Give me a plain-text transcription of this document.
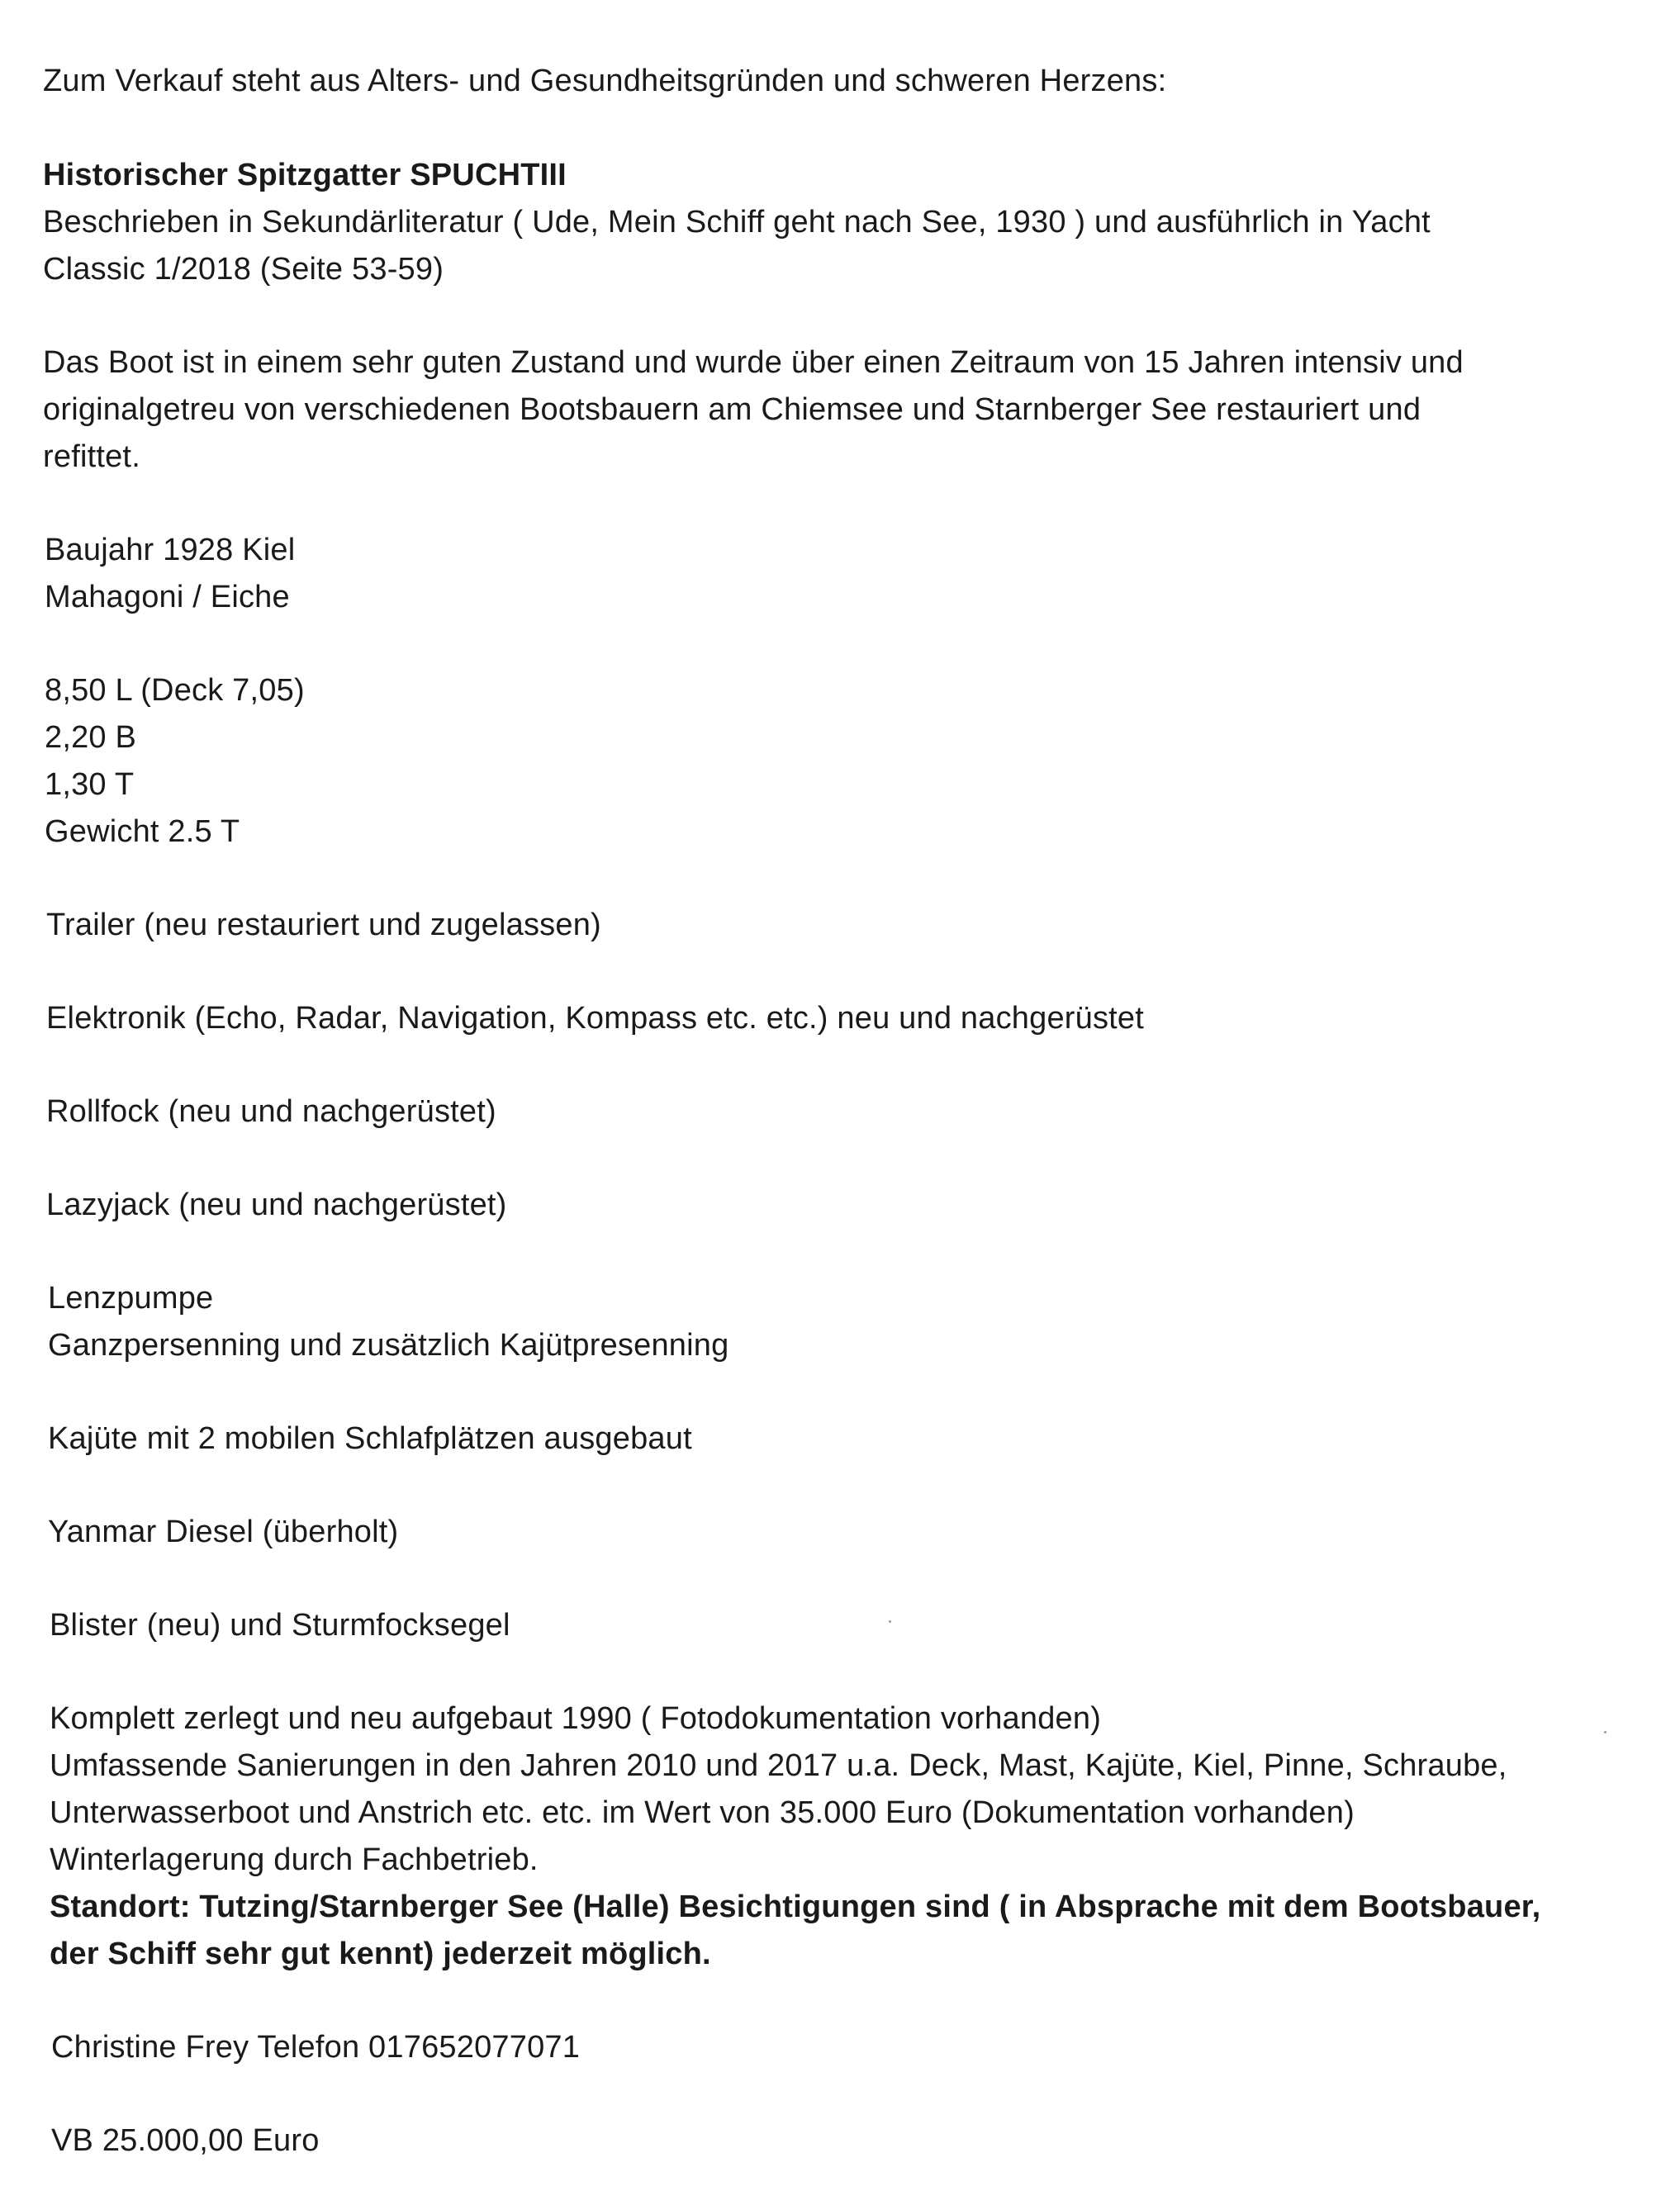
Zum Verkauf steht aus Alters- und Gesundheitsgründen und schweren Herzens:

Historischer Spitzgatter SPUCHTIII

Beschrieben in Sekundärliteratur ( Ude, Mein Schiff geht nach See, 1930 ) und ausführlich in Yacht

Classic 1/2018 (Seite 53-59)

Das Boot ist in einem sehr guten Zustand und wurde über einen Zeitraum von 15 Jahren intensiv und

originalgetreu von verschiedenen Bootsbauern am Chiemsee und Starnberger See restauriert und

refittet.

Baujahr 1928 Kiel

Mahagoni / Eiche

8,50 L (Deck 7,05)

2,20 B

1,30 T

Gewicht 2.5 T

Trailer (neu restauriert und zugelassen)

Elektronik (Echo, Radar, Navigation, Kompass etc. etc.) neu und nachgerüstet

Rollfock (neu und nachgerüstet)

Lazyjack (neu und nachgerüstet)

Lenzpumpe

Ganzpersenning und zusätzlich Kajütpresenning

Kajüte mit 2 mobilen Schlafplätzen ausgebaut

Yanmar Diesel (überholt)

Blister (neu) und Sturmfocksegel

Komplett zerlegt und neu aufgebaut 1990 ( Fotodokumentation vorhanden)

Umfassende Sanierungen in den Jahren 2010 und 2017 u.a. Deck, Mast, Kajüte, Kiel, Pinne, Schraube,

Unterwasserboot und Anstrich etc. etc. im Wert von 35.000 Euro (Dokumentation vorhanden)

Winterlagerung durch Fachbetrieb.

Standort: Tutzing/Starnberger See (Halle) Besichtigungen sind ( in Absprache mit dem Bootsbauer,

der Schiff sehr gut kennt) jederzeit möglich.

Christine Frey Telefon 017652077071

VB 25.000,00 Euro
